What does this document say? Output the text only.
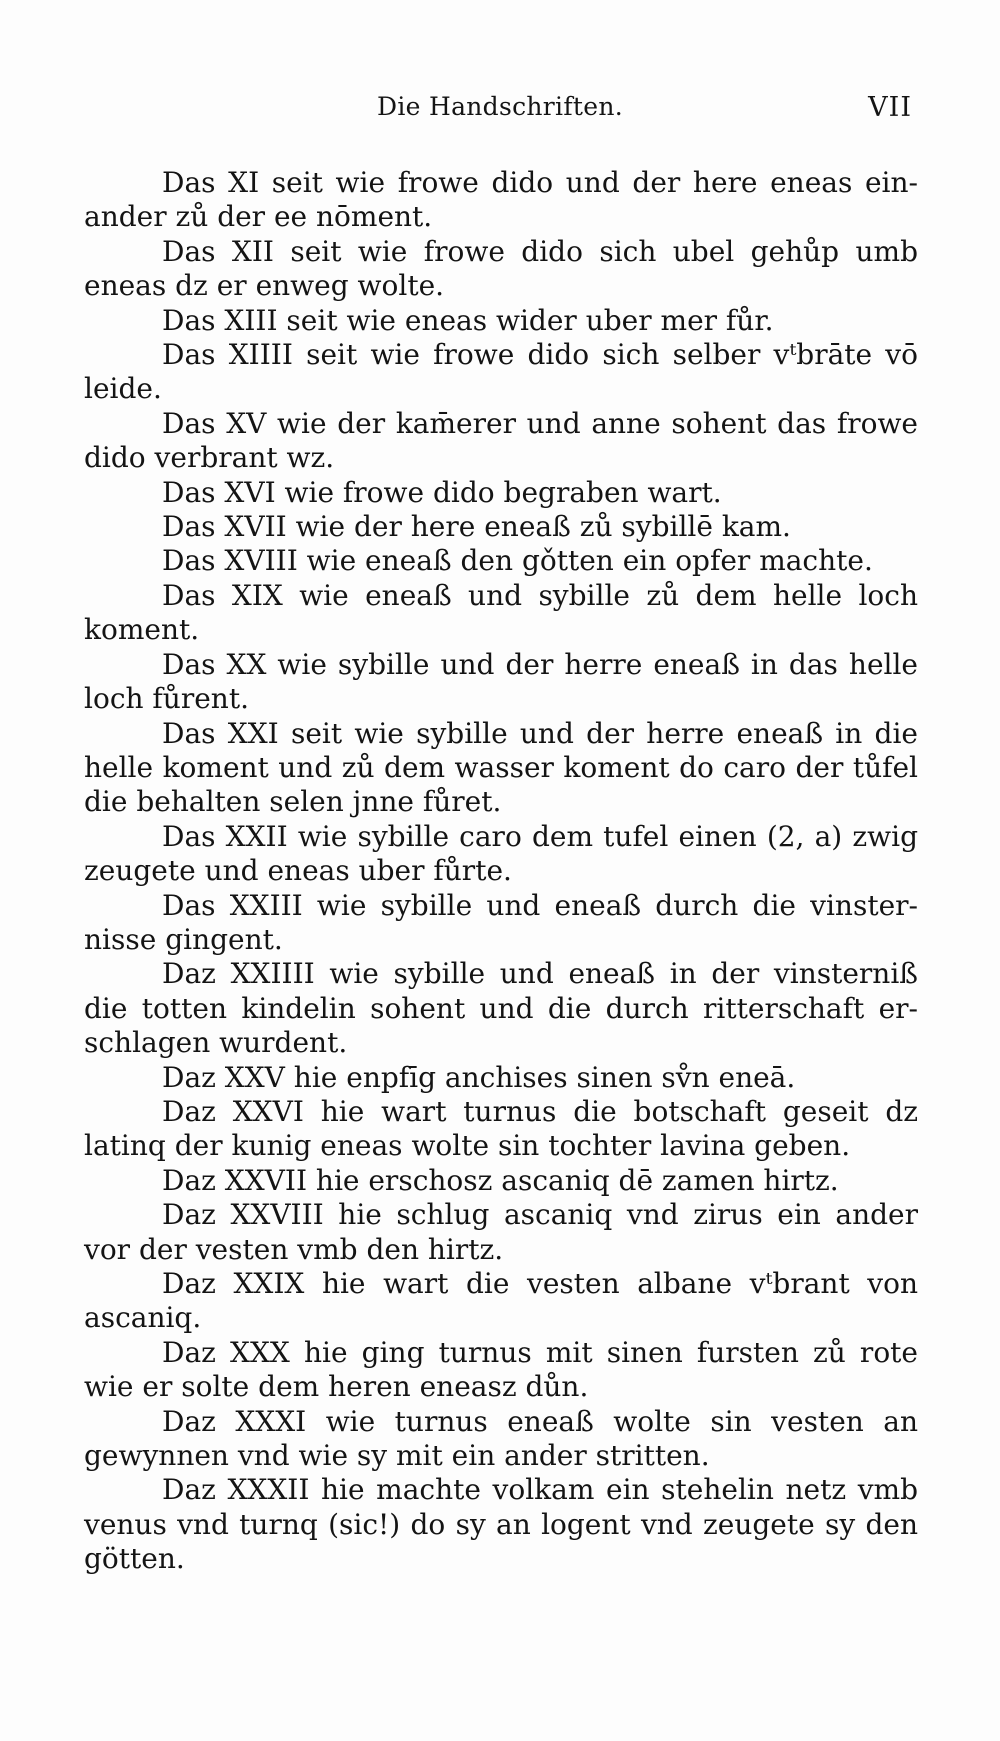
Die Handschriften.	VII

Das XI seit wie frowe dido und der here eneas ein-ander zů der ee nōment.

Das XII seit wie frowe dido sich ubel gehůp umb eneas dz er enweg wolte.

Das XIII seit wie eneas wider uber mer fůr.

Das XIIII seit wie frowe dido sich selber vᵗbrāte vō leide.

Das XV wie der kam̄erer und anne sohent das frowe dido verbrant wz.

Das XVI wie frowe dido begraben wart.

Das XVII wie der here eneaß zů sybillē kam.

Das XVIII wie eneaß den gǒtten ein opfer machte.

Das XIX wie eneaß und sybille zů dem helle loch koment.

Das XX wie sybille und der herre eneaß in das helle loch fůrent.

Das XXI seit wie sybille und der herre eneaß in die helle koment und zů dem wasser koment do caro der tůfel die behalten selen jnne fůret.

Das XXII wie sybille caro dem tufel einen (2, a) zwig zeugete und eneas uber fůrte.

Das XXIII wie sybille und eneaß durch die vinster-nisse gingent.

Daz XXIIII wie sybille und eneaß in der vinsterniß die totten kindelin sohent und die durch ritterschaft er-schlagen wurdent.

Daz XXV hie enpfīg anchises sinen sv̊n eneā.

Daz XXVI hie wart turnus die botschaft geseit dz latinq der kunig eneas wolte sin tochter lavina geben.

Daz XXVII hie erschosz ascaniq dē zamen hirtz.

Daz XXVIII hie schlug ascaniq vnd zirus ein ander vor der vesten vmb den hirtz.

Daz XXIX hie wart die vesten albane vᵗbrant von ascaniq.

Daz XXX hie ging turnus mit sinen fursten zů rote wie er solte dem heren eneasz důn.

Daz XXXI wie turnus eneaß wolte sin vesten an gewynnen vnd wie sy mit ein ander stritten.

Daz XXXII hie machte volkam ein stehelin netz vmb venus vnd turnq (sic!) do sy an logent vnd zeugete sy den götten.
